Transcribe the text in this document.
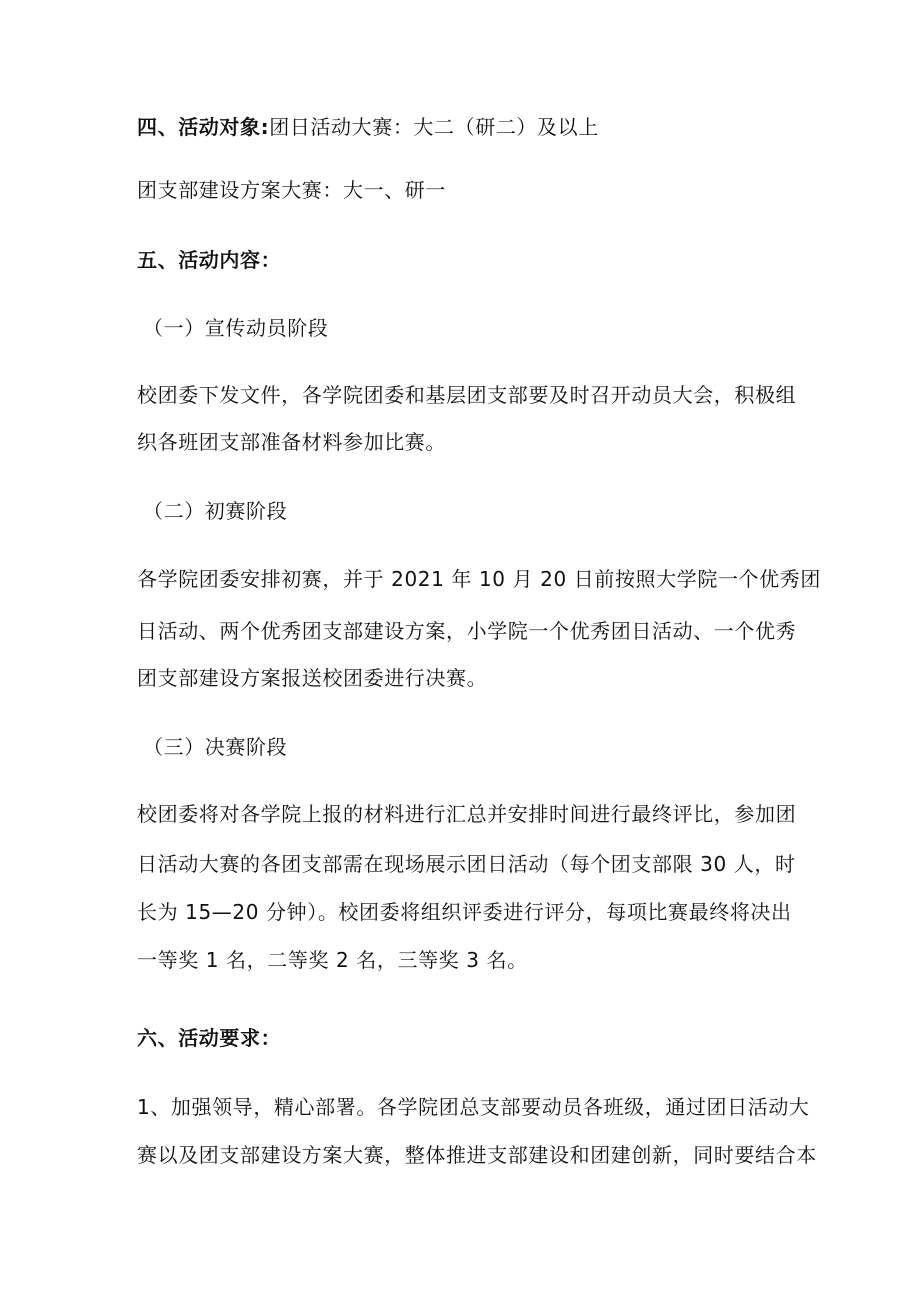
四、活动对象:团日活动大赛：大二（研二）及以上
团支部建设方案大赛：大一、研一
五、活动内容：
（一）宣传动员阶段
校团委下发文件，各学院团委和基层团支部要及时召开动员大会，积极组
织各班团支部准备材料参加比赛。
（二）初赛阶段
各学院团委安排初赛，并于 2021 年 10 月 20 日前按照大学院一个优秀团
日活动、两个优秀团支部建设方案，小学院一个优秀团日活动、一个优秀
团支部建设方案报送校团委进行决赛。
（三）决赛阶段
校团委将对各学院上报的材料进行汇总并安排时间进行最终评比，参加团
日活动大赛的各团支部需在现场展示团日活动（每个团支部限 30 人，时
长为 15—20 分钟）。校团委将组织评委进行评分，每项比赛最终将决出
一等奖 1 名，二等奖 2 名，三等奖 3 名。
六、活动要求：
1、加强领导，精心部署。各学院团总支部要动员各班级，通过团日活动大
赛以及团支部建设方案大赛，整体推进支部建设和团建创新，同时要结合本
